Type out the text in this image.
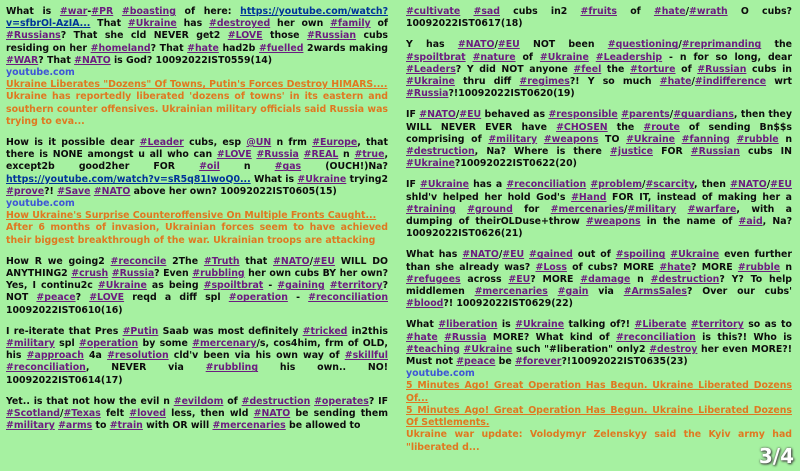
What is #war-#PR #boasting of here: https://youtube.com/watch?v=sfbrOl-AzIA... That #Ukraine has #destroyed her own #family of #Russians? That she cld NEVER get2 #LOVE those #Russian cubs residing on her #homeland? That #hate had2b #fuelled 2wards making #WAR? That #NATO is God? 10092022IST0559(14)
youtube.com
Ukraine Liberates "Dozens" Of Towns, Putin's Forces Destroy HIMARS....
Ukraine has reportedly liberated 'dozens of towns' in its eastern and southern counter offensives. Ukrainian military officials said Russia was trying to eva...
How is it possible dear #Leader cubs, esp @UN n frm #Europe, that there is NONE amongst u all who can #LOVE #Russia #REAL n #true, except2b good2her FOR #oil n #gas (OUCH!)Na? https://youtube.com/watch?v=sR5q81IwoQ0... What is #Ukraine trying2 #prove?! #Save #NATO above her own? 10092022IST0605(15)
youtube.com
How Ukraine's Surprise Counteroffensive On Multiple Fronts Caught...
After 6 months of invasion, Ukrainian forces seem to have achieved their biggest breakthrough of the war. Ukrainian troops are attacking
How R we going2 #reconcile 2The #Truth that #NATO/#EU WILL DO ANYTHING2 #crush #Russia? Even #rubbling her own cubs BY her own? Yes, I continu2c #Ukraine as being #spoiltbrat - #gaining #territory? NOT #peace? #LOVE reqd a diff spl #operation - #reconciliation 10092022IST0610(16)
I re-iterate that Pres #Putin Saab was most definitely #tricked in2this #military spl #operation by some #mercenary/s, cos4him, frm of OLD, his #approach 4a #resolution cld'v been via his own way of #skillful #reconciliation, NEVER via #rubbling his own.. NO! 10092022IST0614(17)
Yet.. is that not how the evil n #evildom of #destruction #operates? IF #Scotland/#Texas felt #loved less, then wld #NATO be sending them #military #arms to #train with OR will #mercenaries be allowed to
#cultivate #sad cubs in2 #fruits of #hate/#wrath O cubs? 10092022IST0617(18)
Y has #NATO/#EU NOT been #questioning/#reprimanding the #spoiltbrat #nature of #Ukraine #Leadership - n for so long, dear #Leaders? Y did NOT anyone #feel the #torture of #Russian cubs in #Ukraine thru diff #regimes?! Y so much #hate/#indifference wrt #Russia?!10092022IST0620(19)
IF #NATO/#EU behaved as #responsible #parents/#guardians, then they WILL NEVER EVER have #CHOSEN the #route of sending Bn$$s comprising of #military #weapons TO #Ukraine #fanning #rubble n #destruction, Na? Where is there #justice FOR #Russian cubs IN #Ukraine?10092022IST0622(20)
IF #Ukraine has a #reconciliation #problem/#scarcity, then #NATO/#EU shld'v helped her hold God's #Hand FOR IT, instead of making her a #training #ground for #mercenaries/#military #warfare, with a dumping of theirOLDuse+throw #weapons in the name of #aid, Na? 10092022IST0626(21)
What has #NATO/#EU #gained out of #spoiling #Ukraine even further than she already was? #Loss of cubs? MORE #hate? MORE #rubble n #refugees across #EU? MORE #damage n #destruction? Y? To help middlemen #mercenaries #gain via #ArmsSales? Over our cubs' #blood?! 10092022IST0629(22)
What #liberation is #Ukraine talking of?! #Liberate #territory so as to #hate #Russia MORE? What kind of #reconciliation is this?! Who is #teaching #Ukraine such "#liberation" only2 #destroy her even MORE?! Must not #peace be #forever?!10092022IST0635(23)
youtube.com
5 Minutes Ago! Great Operation Has Begun. Ukraine Liberated Dozens Of...
5 Minutes Ago! Great Operation Has Begun. Ukraine Liberated Dozens Of Settlements.
Ukraine war update: Volodymyr Zelenskyy said the Kyiv army had "liberated d...	3/4
